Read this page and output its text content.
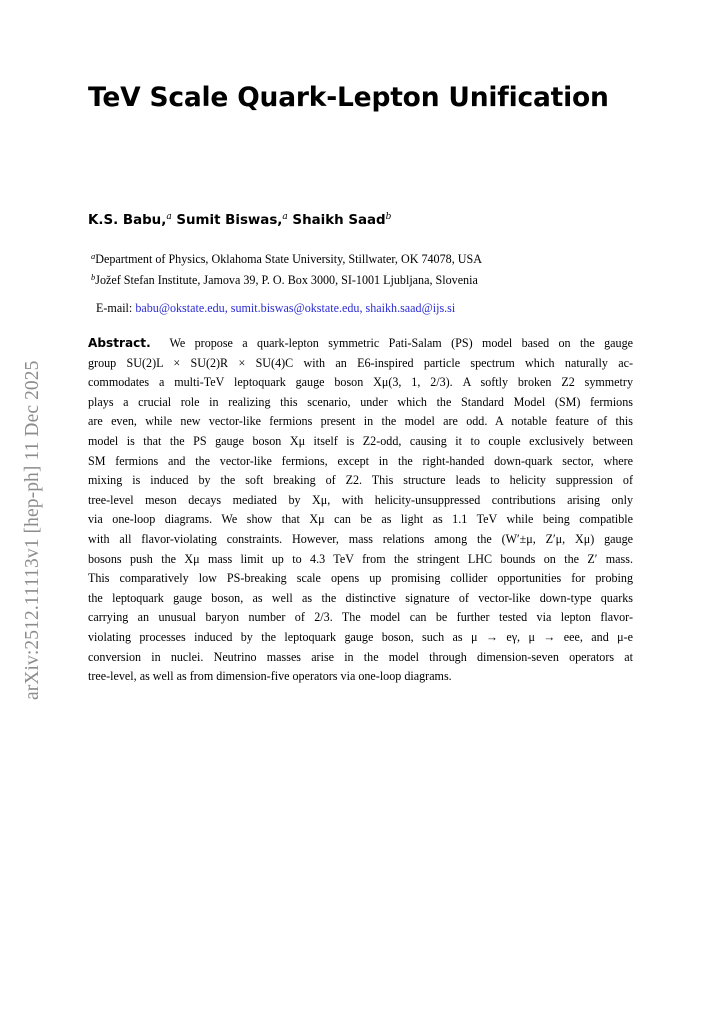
arXiv:2512.11113v1 [hep-ph] 11 Dec 2025
TeV Scale Quark-Lepton Unification
K.S. Babu,$^a$ Sumit Biswas,$^a$ Shaikh Saad$^b$
$^a$Department of Physics, Oklahoma State University, Stillwater, OK 74078, USA
$^b$Jožef Stefan Institute, Jamova 39, P. O. Box 3000, SI-1001 Ljubljana, Slovenia
E-mail: babu@okstate.edu, sumit.biswas@okstate.edu, shaikh.saad@ijs.si
Abstract. We propose a quark-lepton symmetric Pati-Salam (PS) model based on the gauge
group SU(2)L × SU(2)R × SU(4)C with an E6-inspired particle spectrum which naturally ac-
commodates a multi-TeV leptoquark gauge boson Xμ(3, 1, 2/3). A softly broken Z2 symmetry
plays a crucial role in realizing this scenario, under which the Standard Model (SM) fermions
are even, while new vector-like fermions present in the model are odd. A notable feature of this
model is that the PS gauge boson Xμ itself is Z2-odd, causing it to couple exclusively between
SM fermions and the vector-like fermions, except in the right-handed down-quark sector, where
mixing is induced by the soft breaking of Z2. This structure leads to helicity suppression of
tree-level meson decays mediated by Xμ, with helicity-unsuppressed contributions arising only
via one-loop diagrams. We show that Xμ can be as light as 1.1 TeV while being compatible
with all flavor-violating constraints. However, mass relations among the (W′±μ, Z′μ, Xμ) gauge
bosons push the Xμ mass limit up to 4.3 TeV from the stringent LHC bounds on the Z′ mass.
This comparatively low PS-breaking scale opens up promising collider opportunities for probing
the leptoquark gauge boson, as well as the distinctive signature of vector-like down-type quarks
carrying an unusual baryon number of 2/3. The model can be further tested via lepton flavor-
violating processes induced by the leptoquark gauge boson, such as μ → eγ, μ → eee, and μ-e
conversion in nuclei. Neutrino masses arise in the model through dimension-seven operators at
tree-level, as well as from dimension-five operators via one-loop diagrams.
